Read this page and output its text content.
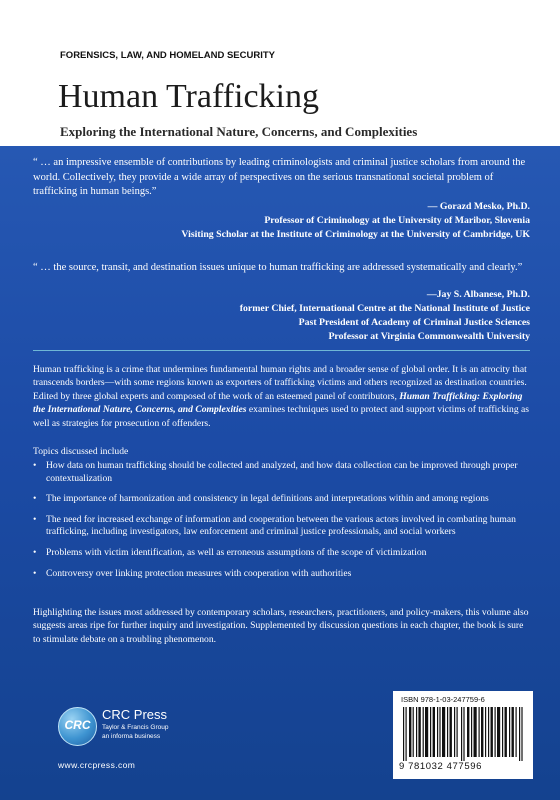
FORENSICS, LAW, AND HOMELAND SECURITY
Human Trafficking
Exploring the International Nature, Concerns, and Complexities
“ … an impressive ensemble of contributions by leading criminologists and criminal justice scholars from around the world. Collectively, they provide a wide array of perspectives on the serious transnational societal problem of trafficking in human beings.”
— Gorazd Mesko, Ph.D.
Professor of Criminology at the University of Maribor, Slovenia
Visiting Scholar at the Institute of Criminology at the University of Cambridge, UK
“ … the source, transit, and destination issues unique to human trafficking are addressed systematically and clearly.”
—Jay S. Albanese, Ph.D.
former Chief, International Centre at the National Institute of Justice
Past President of Academy of Criminal Justice Sciences
Professor at Virginia Commonwealth University
Human trafficking is a crime that undermines fundamental human rights and a broader sense of global order. It is an atrocity that transcends borders—with some regions known as exporters of trafficking victims and others recognized as destination countries. Edited by three global experts and composed of the work of an esteemed panel of contributors, Human Trafficking: Exploring the International Nature, Concerns, and Complexities examines techniques used to protect and support victims of trafficking as well as strategies for prosecution of offenders.
Topics discussed include
• How data on human trafficking should be collected and analyzed, and how data collection can be improved through proper contextualization
• The importance of harmonization and consistency in legal definitions and interpretations within and among regions
• The need for increased exchange of information and cooperation between the various actors involved in combating human trafficking, including investigators, law enforcement and criminal justice professionals, and social workers
• Problems with victim identification, as well as erroneous assumptions of the scope of victimization
• Controversy over linking protection measures with cooperation with authorities
Highlighting the issues most addressed by contemporary scholars, researchers, practitioners, and policy-makers, this volume also suggests areas ripe for further inquiry and investigation. Supplemented by discussion questions in each chapter, the book is sure to stimulate debate on a troubling phenomenon.
CRC
CRC Press
Taylor & Francis Group
an informa business
www.crcpress.com
ISBN 978-1-03-247759-6
9 781032 477596
